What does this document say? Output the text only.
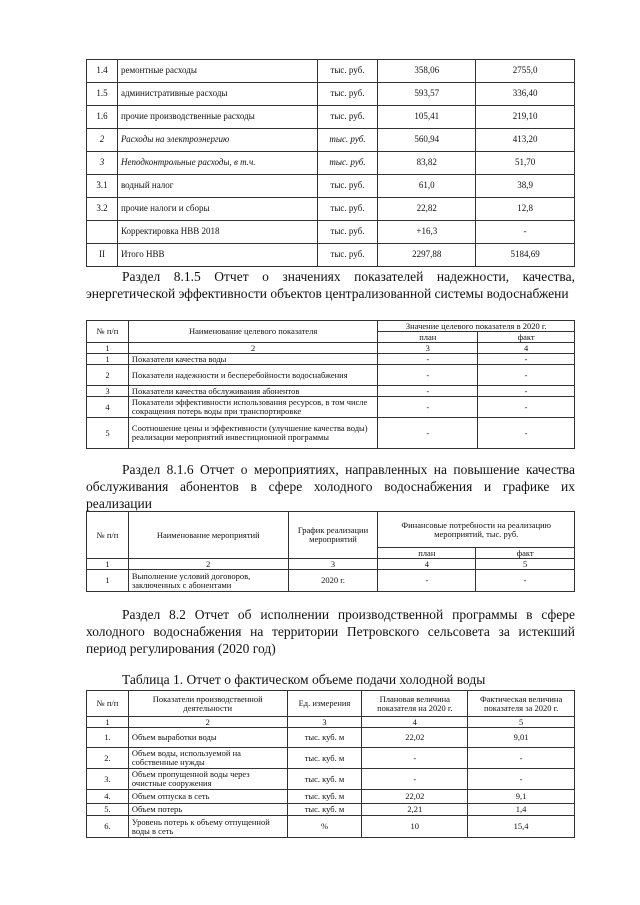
1.4	ремонтные расходы	тыс. руб.	358,06	2755,0
1.5	административные расходы	тыс. руб.	593,57	336,40
1.6	прочие производственные расходы	тыс. руб.	105,41	219,10
2	Расходы на электроэнергию	тыс. руб.	560,94	413,20
3	Неподконтрольные расходы, в т.ч.	тыс. руб.	83,82	51,70
3.1	водный налог	тыс. руб.	61,0	38,9
3.2	прочие налоги и сборы	тыс. руб.	22,82	12,8
	Корректировка НВВ 2018	тыс. руб.	+16,3	-
II	Итого НВВ	тыс. руб.	2297,88	5184,69
Раздел 8.1.5 Отчет о значениях показателей надежности, качества, энергетической эффективности объектов централизованной системы водоснабжени
№ п/п	Наименование целевого показателя	Значение целевого показателя в 2020 г.	
		план	факт
1	2	3	4
1	Показатели качества воды	-	-
2	Показатели надежности и бесперебойности водоснабжения	-	-
3	Показатели качества обслуживания абонентов	-	-
4	Показатели эффективности использования ресурсов, в том числе сокращения потерь воды при транспортировке	-	-
5	Соотношение цены и эффективности (улучшение качества воды) реализации мероприятий инвестиционной программы	-	-
Раздел 8.1.6 Отчет о мероприятиях, направленных на повышение качества обслуживания абонентов в сфере холодного водоснабжения и графике их реализации
№ п/п	Наименование мероприятий	График реализации мероприятий	Финансовые потребности на реализацию мероприятий, тыс. руб.	
			план	факт
1	2	3	4	5
1	Выполнение условий договоров, заключенных с абонентами	2020 г.	-	-
Раздел 8.2 Отчет об исполнении производственной программы в сфере холодного водоснабжения на территории Петровского сельсовета за истекший период регулирования (2020 год)
Таблица 1. Отчет о фактическом объеме подачи холодной воды
№ п/п	Показатели производственной деятельности	Ед. измерения	Плановая величина показателя на 2020 г.	Фактическая величина показателя за 2020 г.
1	2	3	4	5
1.	Объем выработки воды	тыс. куб. м	22,02	9,01
2.	Объем воды, используемой на собственные нужды	тыс. куб. м	-	-
3.	Объем пропущенной воды через очистные сооружения	тыс. куб. м	-	-
4.	Объем отпуска в сеть	тыс. куб. м	22,02	9,1
5.	Объем потерь	тыс. куб. м	2,21	1,4
6.	Уровень потерь к объему отпущенной воды в сеть	%	10	15,4
